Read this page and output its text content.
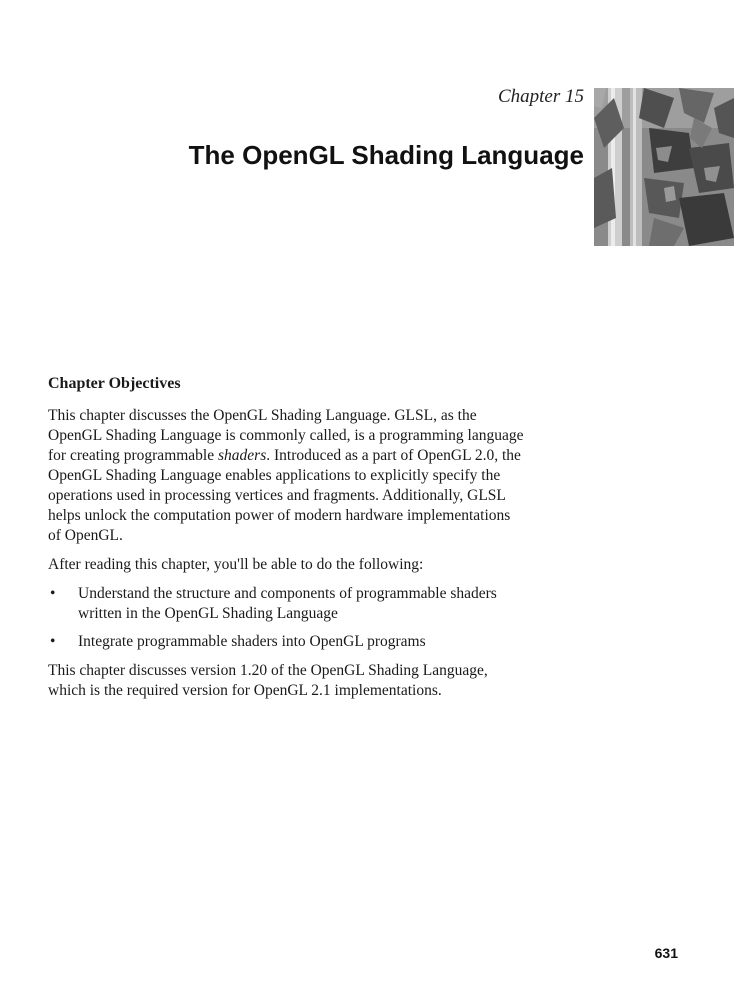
Chapter 15
The OpenGL Shading Language
Chapter Objectives

This chapter discusses the OpenGL Shading Language. GLSL, as the
OpenGL Shading Language is commonly called, is a programming language
for creating programmable shaders. Introduced as a part of OpenGL 2.0, the
OpenGL Shading Language enables applications to explicitly specify the
operations used in processing vertices and fragments. Additionally, GLSL
helps unlock the computation power of modern hardware implementations
of OpenGL.

After reading this chapter, you'll be able to do the following:

• Understand the structure and components of programmable shaders
written in the OpenGL Shading Language
• Integrate programmable shaders into OpenGL programs

This chapter discusses version 1.20 of the OpenGL Shading Language,
which is the required version for OpenGL 2.1 implementations.

631
